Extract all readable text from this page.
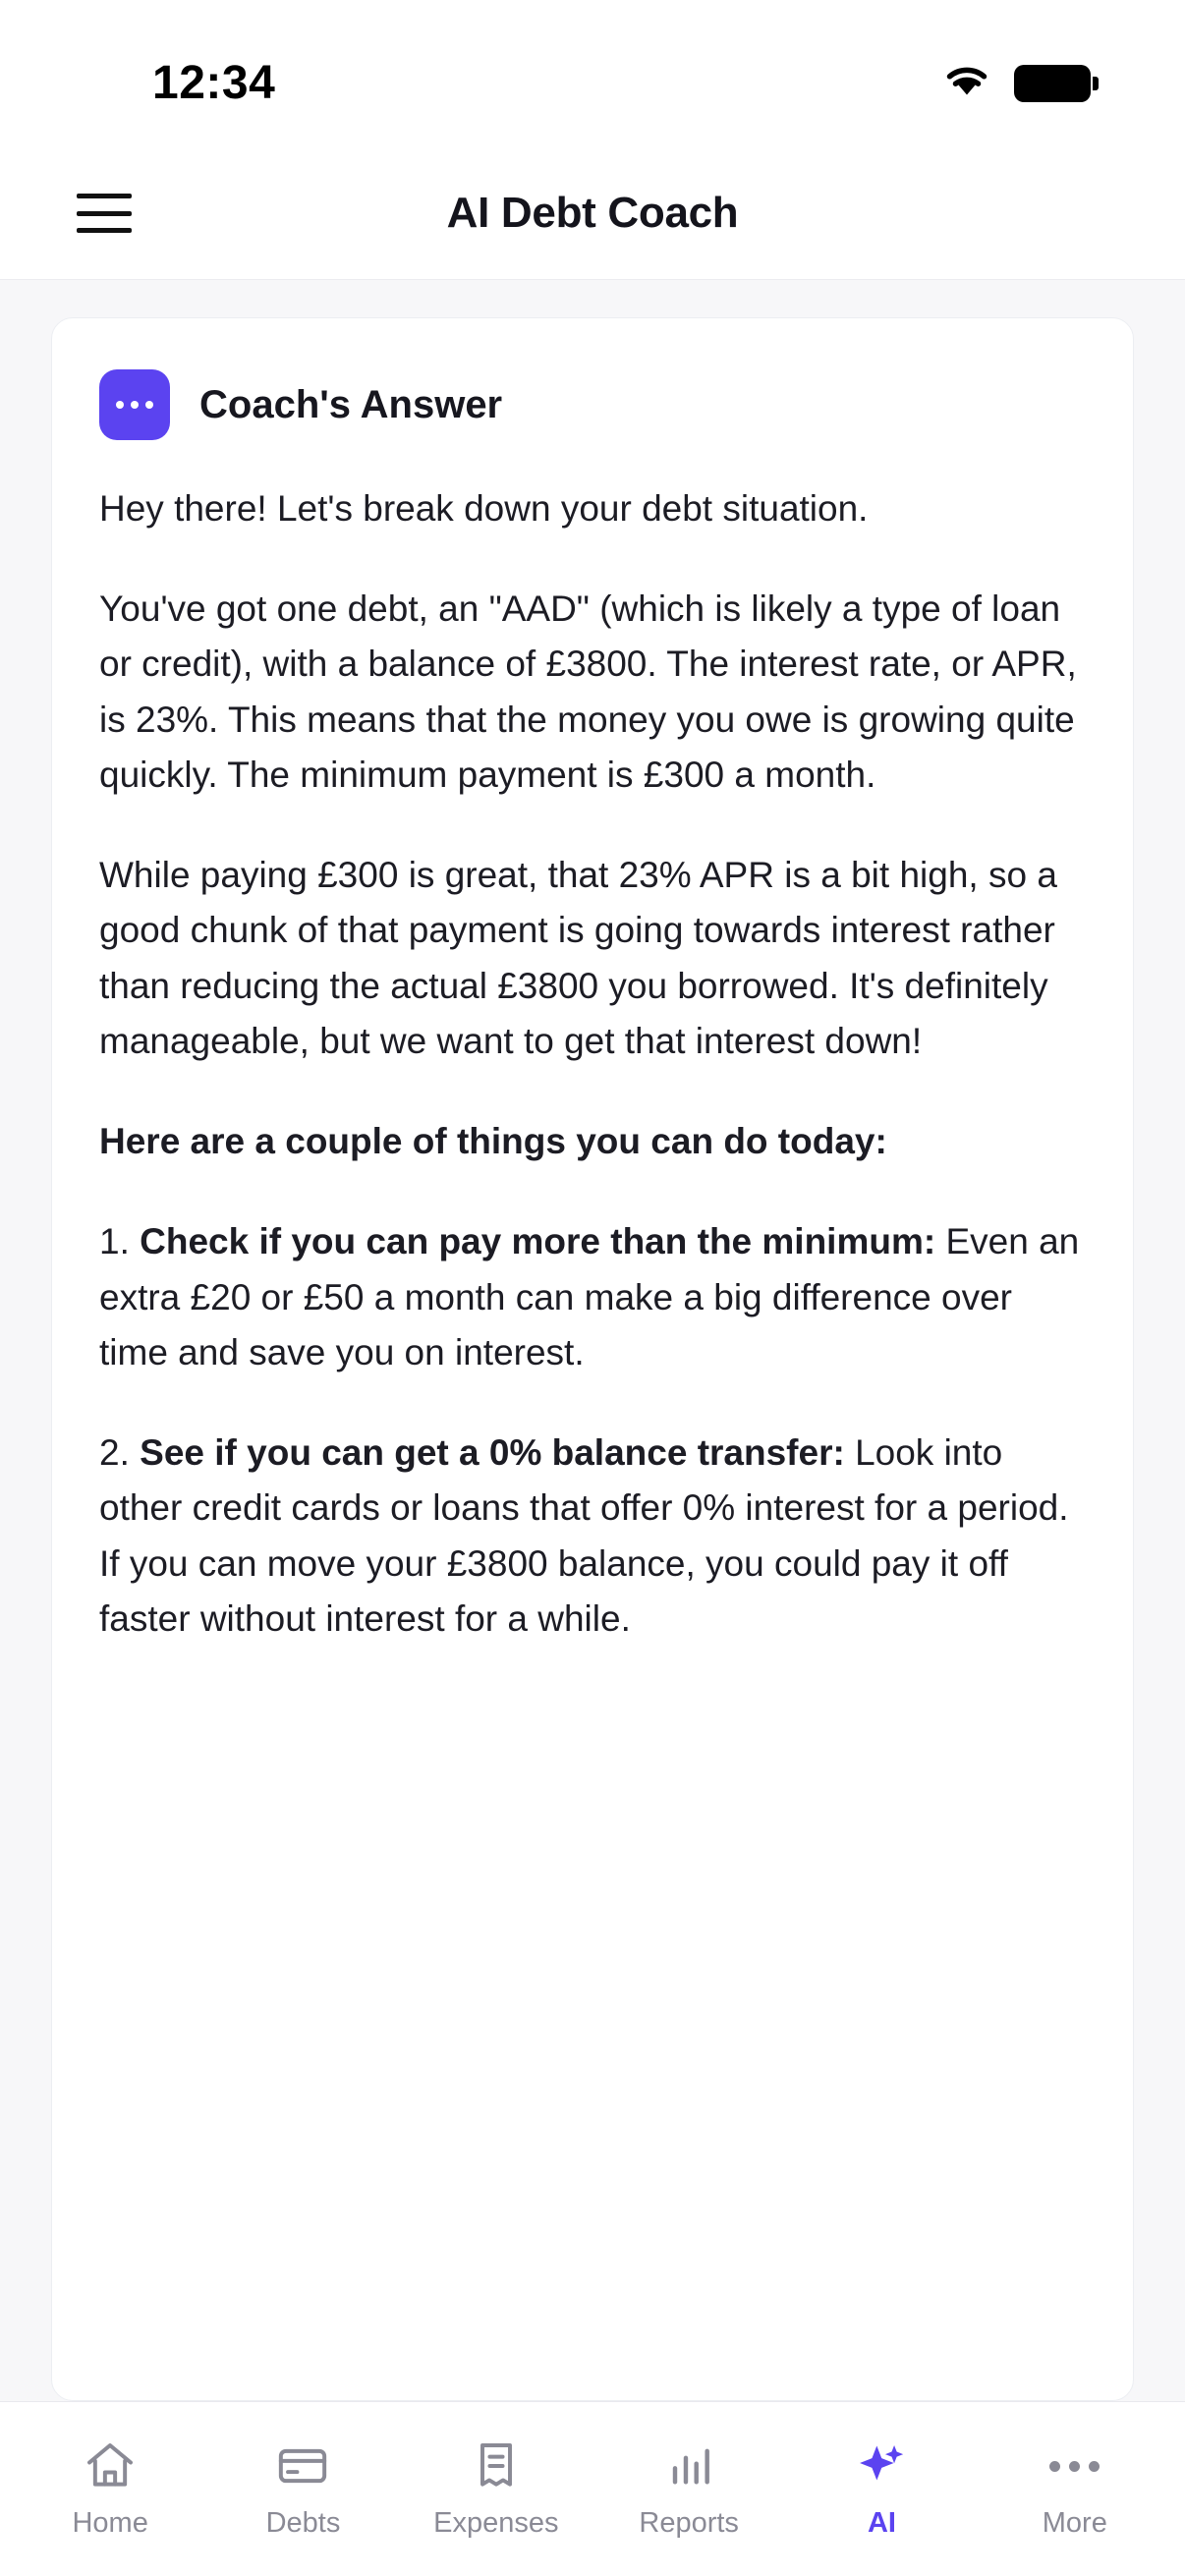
12:34
AI Debt Coach
Coach's Answer

Hey there! Let's break down your debt situation.

You've got one debt, an "AAD" (which is likely a type of loan or credit), with a balance of £3800. The interest rate, or APR, is 23%. This means that the money you owe is growing quite quickly. The minimum payment is £300 a month.

While paying £300 is great, that 23% APR is a bit high, so a good chunk of that payment is going towards interest rather than reducing the actual £3800 you borrowed. It's definitely manageable, but we want to get that interest down!

Here are a couple of things you can do today:

1. Check if you can pay more than the minimum: Even an extra £20 or £50 a month can make a big difference over time and save you on interest.

2. See if you can get a 0% balance transfer: Look into other credit cards or loans that offer 0% interest for a period. If you can move your £3800 balance, you could pay it off faster without interest for a while.

Home	Debts	Expenses	Reports	AI	More
